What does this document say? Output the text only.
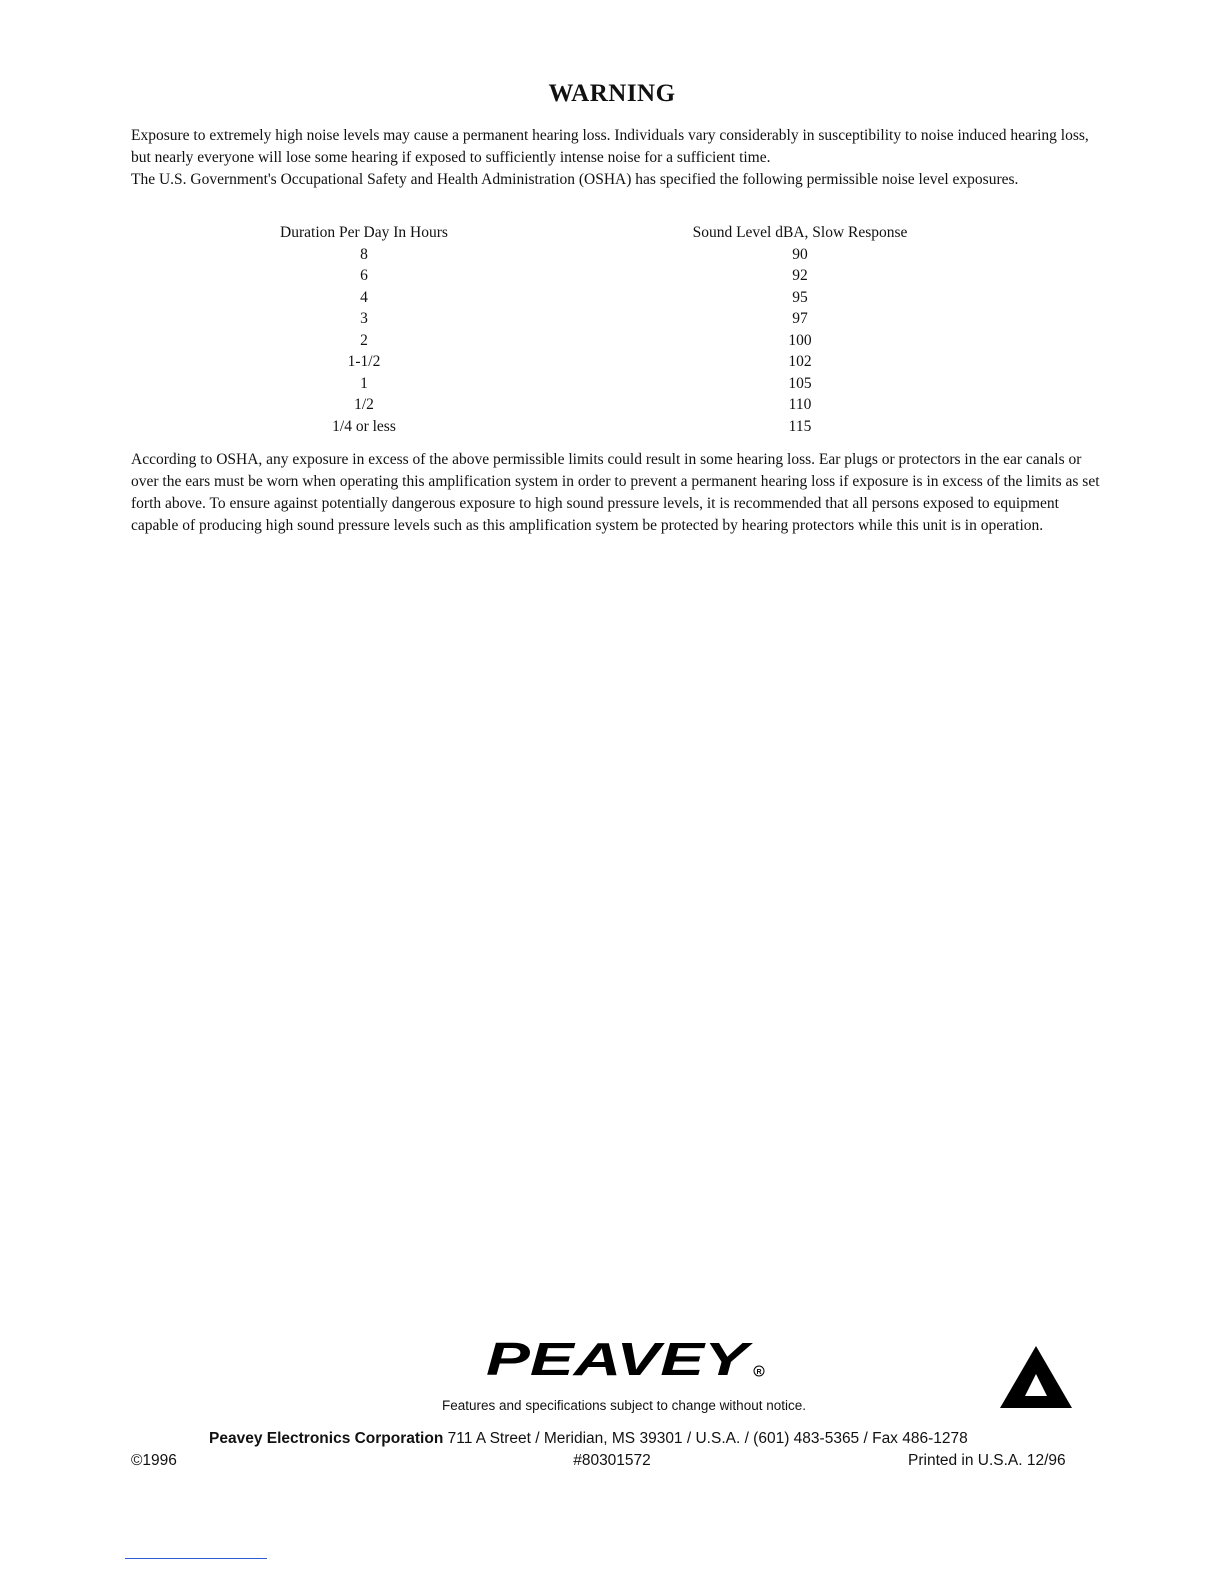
WARNING

Exposure to extremely high noise levels may cause a permanent hearing loss. Individuals vary considerably in susceptibility to noise induced hearing loss, but nearly everyone will lose some hearing if exposed to sufficiently intense noise for a sufficient time.

The U.S. Government's Occupational Safety and Health Administration (OSHA) has specified the following permissible noise level exposures.

Duration Per Day In Hours	Sound Level dBA, Slow Response
8	90
6	92
4	95
3	97
2	100
1-1/2	102
1	105
1/2	110
1/4 or less	115

According to OSHA, any exposure in excess of the above permissible limits could result in some hearing loss. Ear plugs or protectors in the ear canals or over the ears must be worn when operating this amplification system in order to prevent a permanent hearing loss if exposure is in excess of the limits as set forth above. To ensure against potentially dangerous exposure to high sound pressure levels, it is recommended that all persons exposed to equipment capable of producing high sound pressure levels such as this amplification system be protected by hearing protectors while this unit is in operation.

PEAVEY R
Features and specifications subject to change without notice.
Peavey Electronics Corporation 711 A Street / Meridian, MS 39301 / U.S.A. / (601) 483-5365 / Fax 486-1278
©1996	#80301572	Printed in U.S.A. 12/96
